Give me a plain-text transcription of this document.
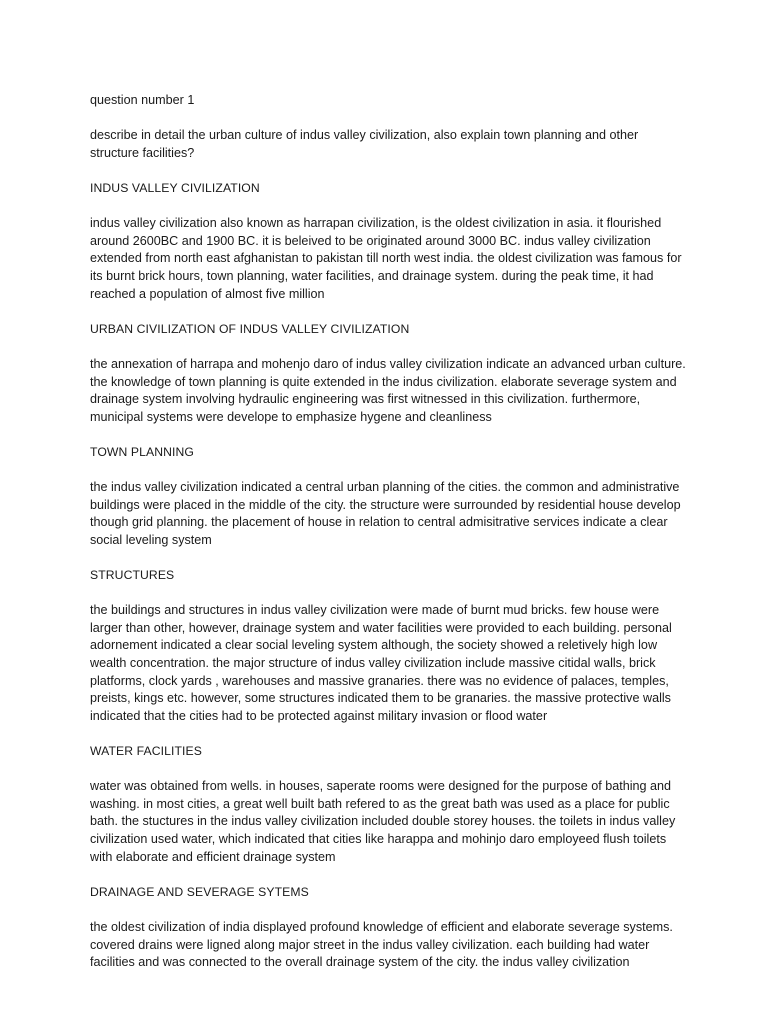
question number 1

describe in detail the urban culture of indus valley civilization, also explain town planning and other structure facilities?

INDUS VALLEY CIVILIZATION

indus valley civilization also known as harrapan civilization, is the oldest civilization in asia. it flourished around 2600BC and 1900 BC. it is beleived to be originated around 3000 BC. indus valley civilization extended from north east afghanistan to pakistan till north west india. the oldest civilization was famous for its burnt brick hours, town planning, water facilities, and drainage system. during the peak time, it had reached a population of almost five million

URBAN CIVILIZATION OF INDUS VALLEY CIVILIZATION

the annexation of harrapa and mohenjo daro of indus valley civilization indicate an advanced urban culture. the knowledge of town planning is quite extended in the indus civilization. elaborate severage system and drainage system involving hydraulic engineering was first witnessed in this civilization. furthermore, municipal systems were develope to emphasize hygene and cleanliness

TOWN PLANNING

the indus valley civilization indicated a central urban planning of the cities. the common and administrative buildings were placed in the middle of the city. the structure were surrounded by residential house develop though grid planning. the placement of house in relation to central admisitrative services indicate a clear social leveling system

STRUCTURES

the buildings and structures in indus valley civilization were made of burnt mud bricks. few house were larger than other, however, drainage system and water facilities were provided to each building. personal adornement indicated a clear social leveling system although, the society showed a reletively high low wealth concentration. the major structure of indus valley civilization include massive citidal walls, brick platforms, clock yards , warehouses and massive granaries. there was no evidence of palaces, temples, preists, kings etc. however, some structures indicated them to be granaries. the massive protective walls indicated that the cities had to be protected against military invasion or flood water

WATER FACILITIES

water was obtained from wells. in houses, saperate rooms were designed for the purpose of bathing and washing. in most cities, a great well built bath refered to as the great bath was used as a place for public bath. the stuctures in the indus valley civilization included double storey houses. the toilets in indus valley civilization used water, which indicated that cities like harappa and mohinjo daro employeed flush toilets with elaborate and efficient drainage system

DRAINAGE AND SEVERAGE SYTEMS

the oldest civilization of india displayed profound knowledge of efficient and elaborate severage systems. covered drains were ligned along major street in the indus valley civilization. each building had water facilities and was connected to the overall drainage system of the city. the indus valley civilization
